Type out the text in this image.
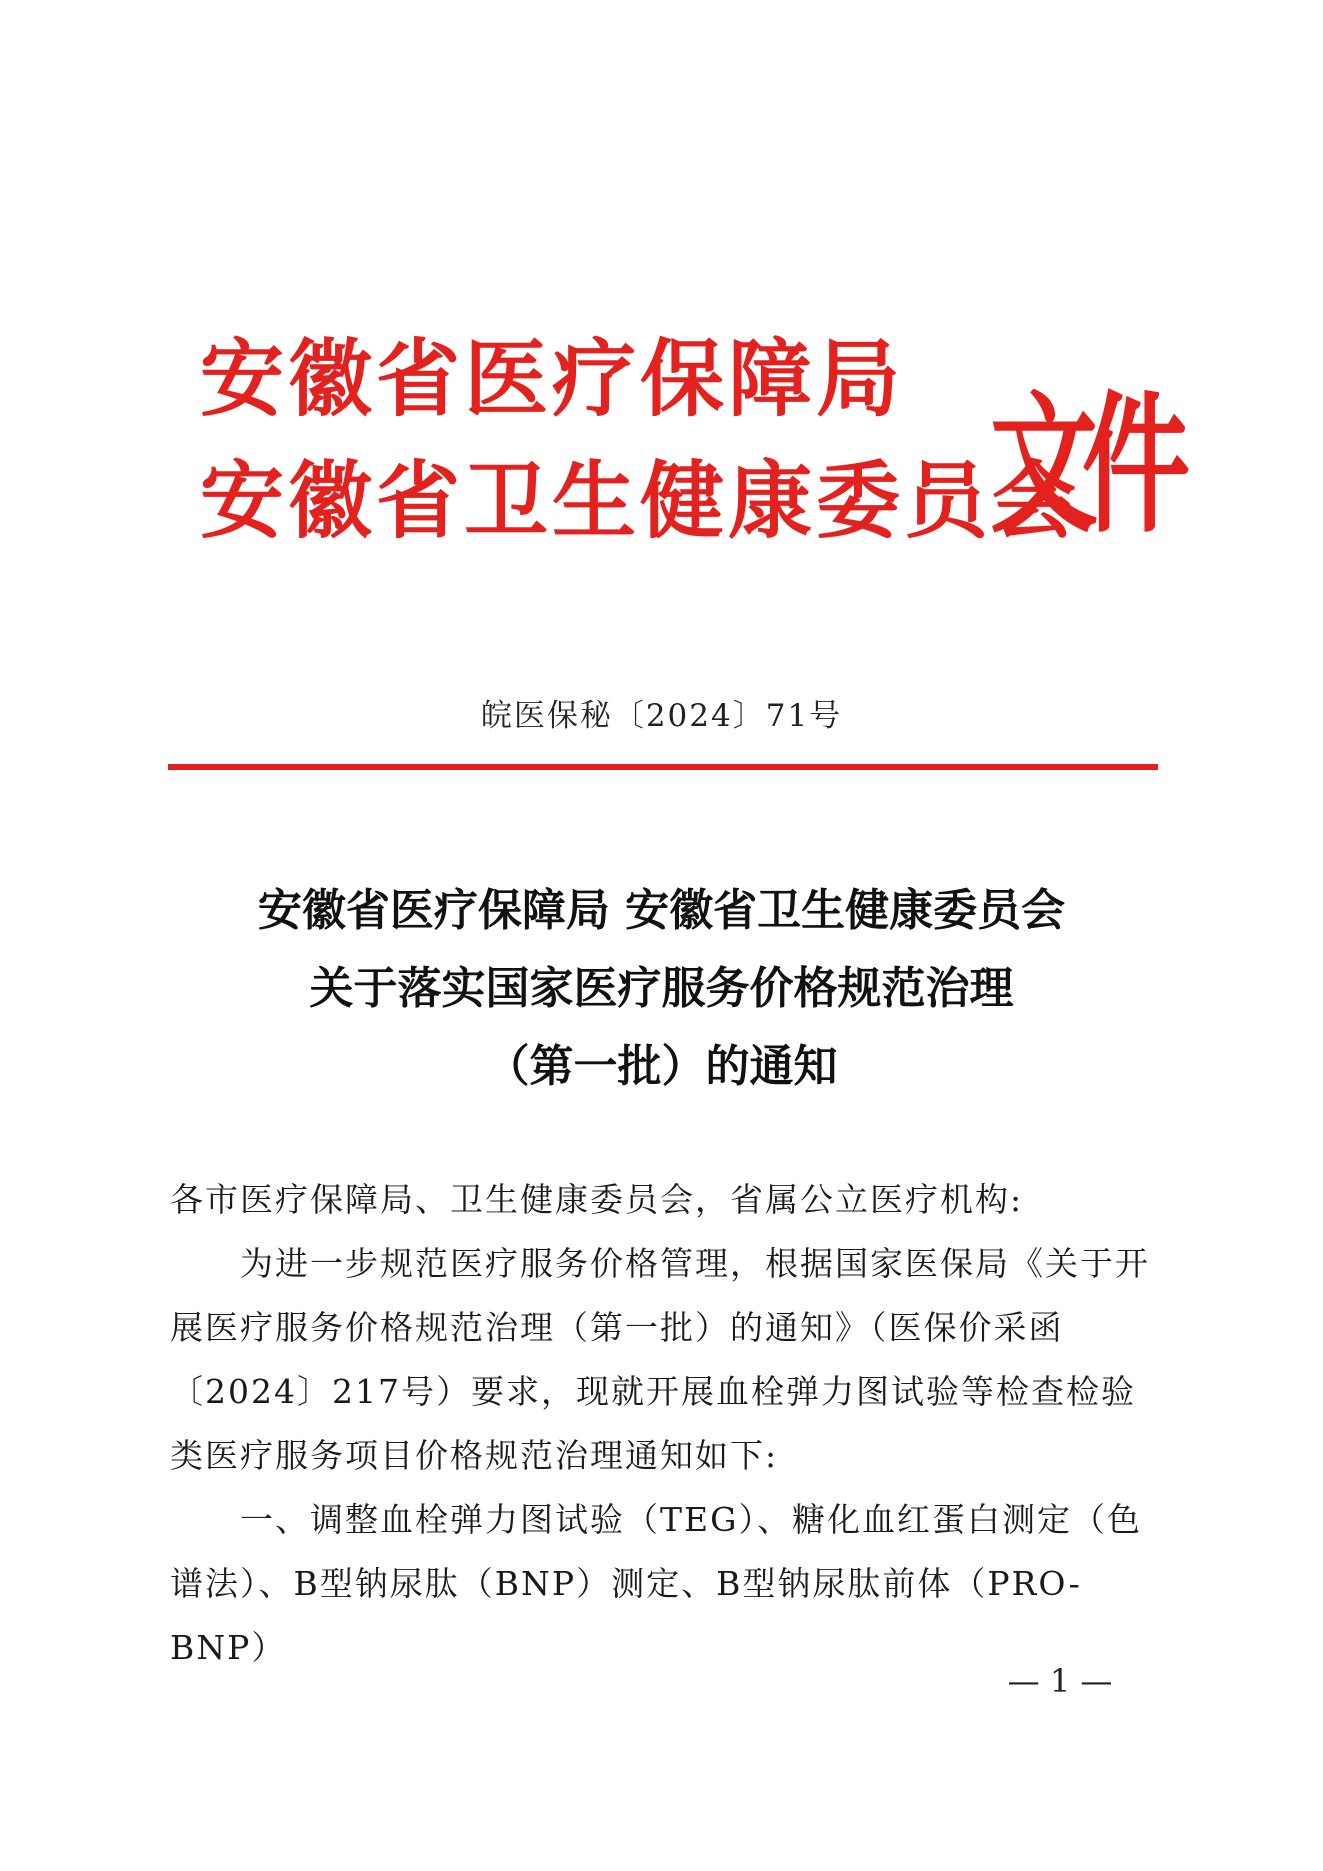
安徽省医疗保障局
安徽省卫生健康委员会
文件
皖医保秘〔2024〕71号
安徽省医疗保障局 安徽省卫生健康委员会
关于落实国家医疗服务价格规范治理
（第一批）的通知

各市医疗保障局、卫生健康委员会，省属公立医疗机构:

为进一步规范医疗服务价格管理，根据国家医保局《关于开展医疗服务价格规范治理（第一批）的通知》（医保价采函〔2024〕217号）要求，现就开展血栓弹力图试验等检查检验类医疗服务项目价格规范治理通知如下:

一、调整血栓弹力图试验（TEG）、糖化血红蛋白测定（色谱法）、B型钠尿肽（BNP）测定、B型钠尿肽前体（PRO-BNP）

— 1 —
